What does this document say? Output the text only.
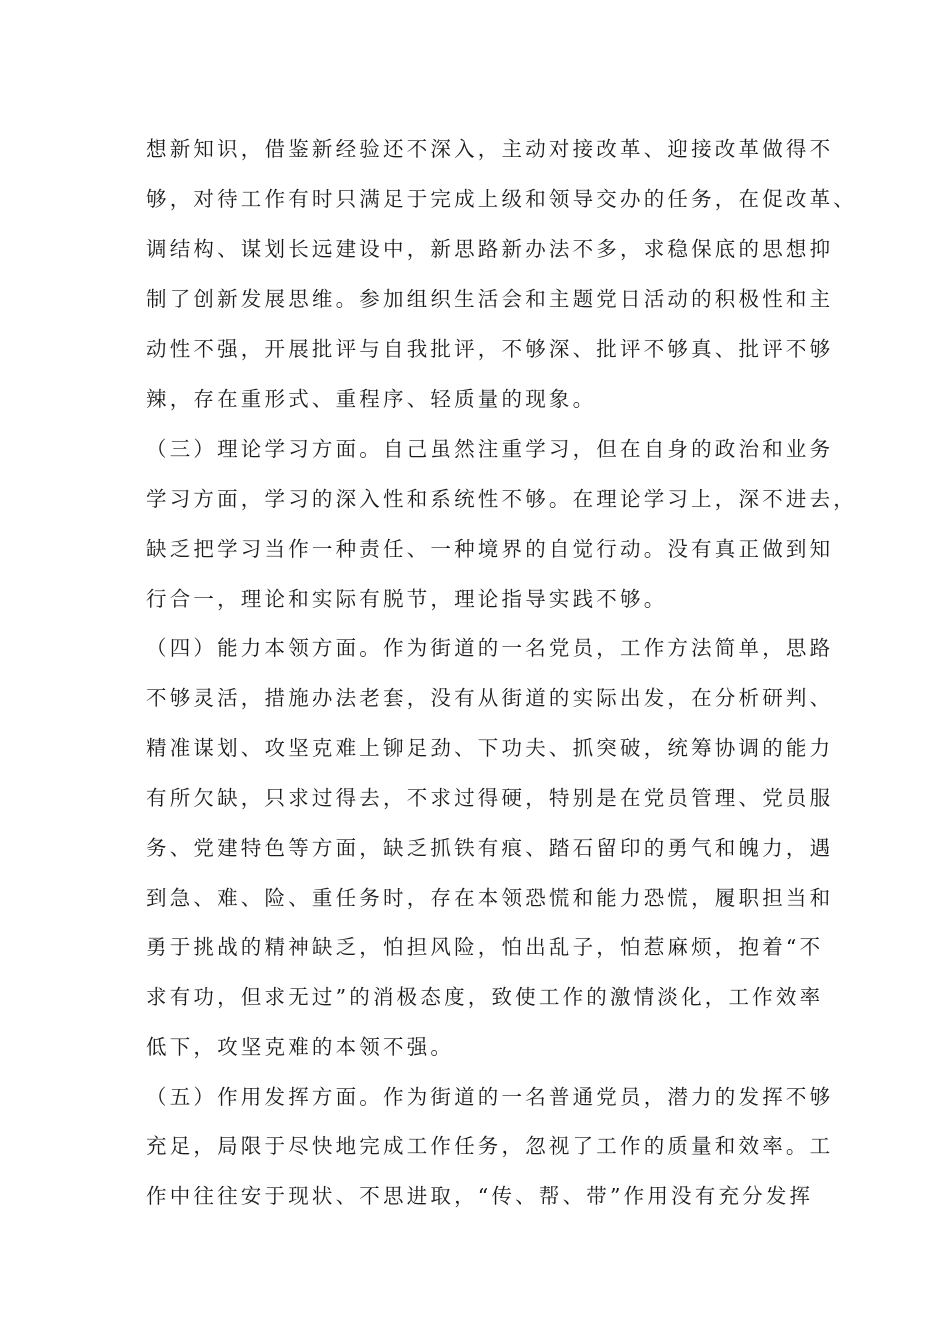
想新知识，借鉴新经验还不深入，主动对接改革、迎接改革做得不
够，对待工作有时只满足于完成上级和领导交办的任务，在促改革、
调结构、谋划长远建设中，新思路新办法不多，求稳保底的思想抑
制了创新发展思维。参加组织生活会和主题党日活动的积极性和主
动性不强，开展批评与自我批评，不够深、批评不够真、批评不够
辣，存在重形式、重程序、轻质量的现象。
（三）理论学习方面。自己虽然注重学习，但在自身的政治和业务
学习方面，学习的深入性和系统性不够。在理论学习上，深不进去，
缺乏把学习当作一种责任、一种境界的自觉行动。没有真正做到知
行合一，理论和实际有脱节，理论指导实践不够。
（四）能力本领方面。作为街道的一名党员，工作方法简单，思路
不够灵活，措施办法老套，没有从街道的实际出发，在分析研判、
精准谋划、攻坚克难上铆足劲、下功夫、抓突破，统筹协调的能力
有所欠缺，只求过得去，不求过得硬，特别是在党员管理、党员服
务、党建特色等方面，缺乏抓铁有痕、踏石留印的勇气和魄力，遇
到急、难、险、重任务时，存在本领恐慌和能力恐慌，履职担当和
勇于挑战的精神缺乏，怕担风险，怕出乱子，怕惹麻烦，抱着“不
求有功，但求无过”的消极态度，致使工作的激情淡化，工作效率
低下，攻坚克难的本领不强。
（五）作用发挥方面。作为街道的一名普通党员，潜力的发挥不够
充足，局限于尽快地完成工作任务，忽视了工作的质量和效率。工
作中往往安于现状、不思进取，“传、帮、带”作用没有充分发挥
